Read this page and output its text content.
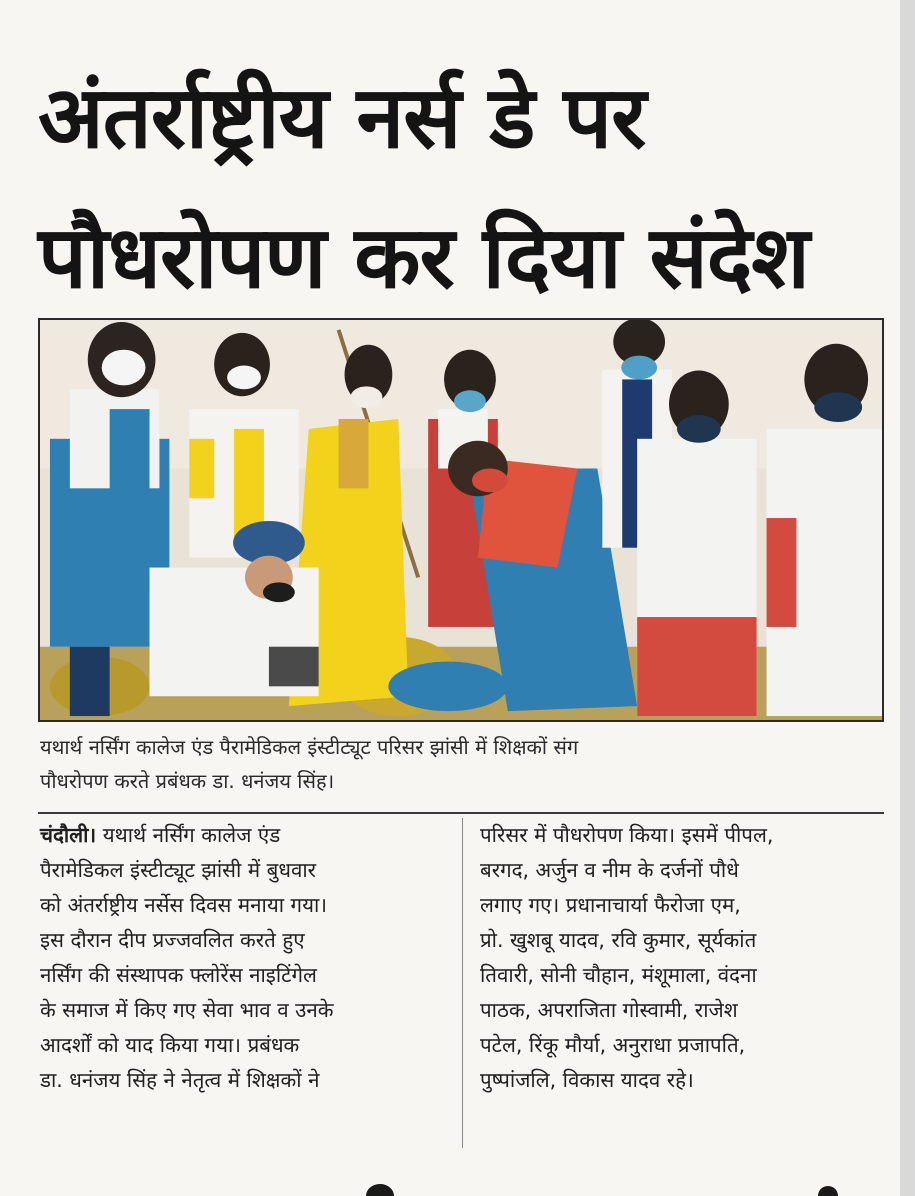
अंतर्राष्ट्रीय नर्स डे पर
पौधरोपण कर दिया संदेश

यथार्थ नर्सिंग कालेज एंड पैरामेडिकल इंस्टीट्यूट परिसर झांसी में शिक्षकों संग
पौधरोपण करते प्रबंधक डा. धनंजय सिंह।

चंदौली। यथार्थ नर्सिंग कालेज एंड
पैरामेडिकल इंस्टीट्यूट झांसी में बुधवार
को अंतर्राष्ट्रीय नर्सेस दिवस मनाया गया।
इस दौरान दीप प्रज्जवलित करते हुए
नर्सिंग की संस्थापक फ्लोरेंस नाइटिंगेल
के समाज में किए गए सेवा भाव व उनके
आदर्शों को याद किया गया। प्रबंधक
डा. धनंजय सिंह ने नेतृत्व में शिक्षकों ने

परिसर में पौधरोपण किया। इसमें पीपल,
बरगद, अर्जुन व नीम के दर्जनों पौधे
लगाए गए। प्रधानाचार्या फैरोजा एम,
प्रो. खुशबू यादव, रवि कुमार, सूर्यकांत
तिवारी, सोनी चौहान, मंशूमाला, वंदना
पाठक, अपराजिता गोस्वामी, राजेश
पटेल, रिंकू मौर्या, अनुराधा प्रजापति,
पुष्पांजलि, विकास यादव रहे।
